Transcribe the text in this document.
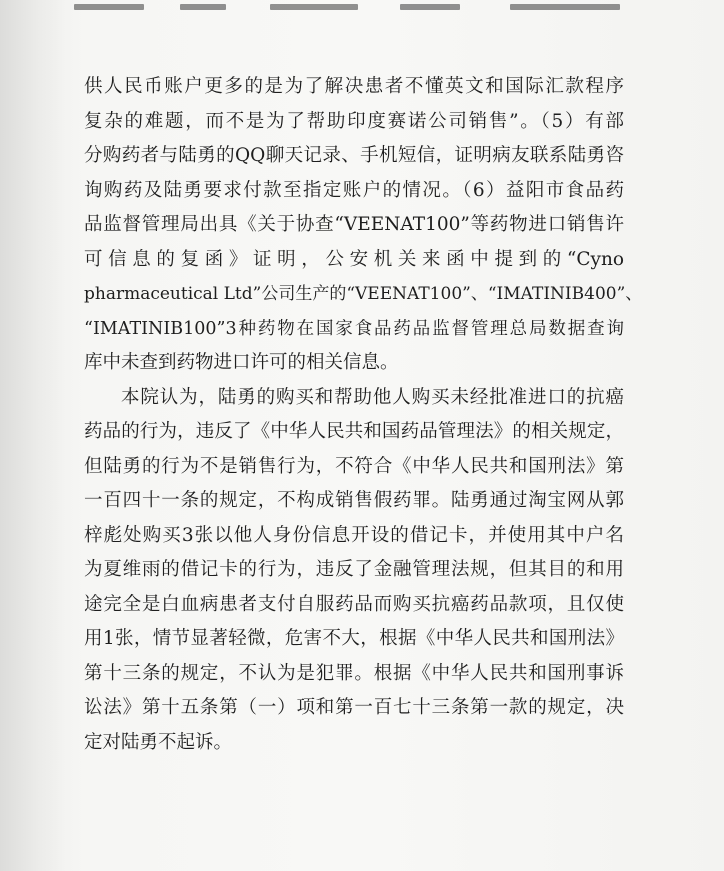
供人民币账户更多的是为了解决患者不懂英文和国际汇款程序
复杂的难题，而不是为了帮助印度赛诺公司销售”。（5）有部
分购药者与陆勇的QQ聊天记录、手机短信，证明病友联系陆勇咨
询购药及陆勇要求付款至指定账户的情况。（6）益阳市食品药
品监督管理局出具《关于协查“VEENAT100”等药物进口销售许
可信息的复函》证明，公安机关来函中提到的“Cyno
pharmaceutical Ltd”公司生产的“VEENAT100”、“IMATINIB400”、
“IMATINIB100”3种药物在国家食品药品监督管理总局数据查询
库中未查到药物进口许可的相关信息。
本院认为，陆勇的购买和帮助他人购买未经批准进口的抗癌
药品的行为，违反了《中华人民共和国药品管理法》的相关规定，
但陆勇的行为不是销售行为，不符合《中华人民共和国刑法》第
一百四十一条的规定，不构成销售假药罪。陆勇通过淘宝网从郭
梓彪处购买3张以他人身份信息开设的借记卡，并使用其中户名
为夏维雨的借记卡的行为，违反了金融管理法规，但其目的和用
途完全是白血病患者支付自服药品而购买抗癌药品款项，且仅使
用1张，情节显著轻微，危害不大，根据《中华人民共和国刑法》
第十三条的规定，不认为是犯罪。根据《中华人民共和国刑事诉
讼法》第十五条第（一）项和第一百七十三条第一款的规定，决
定对陆勇不起诉。
